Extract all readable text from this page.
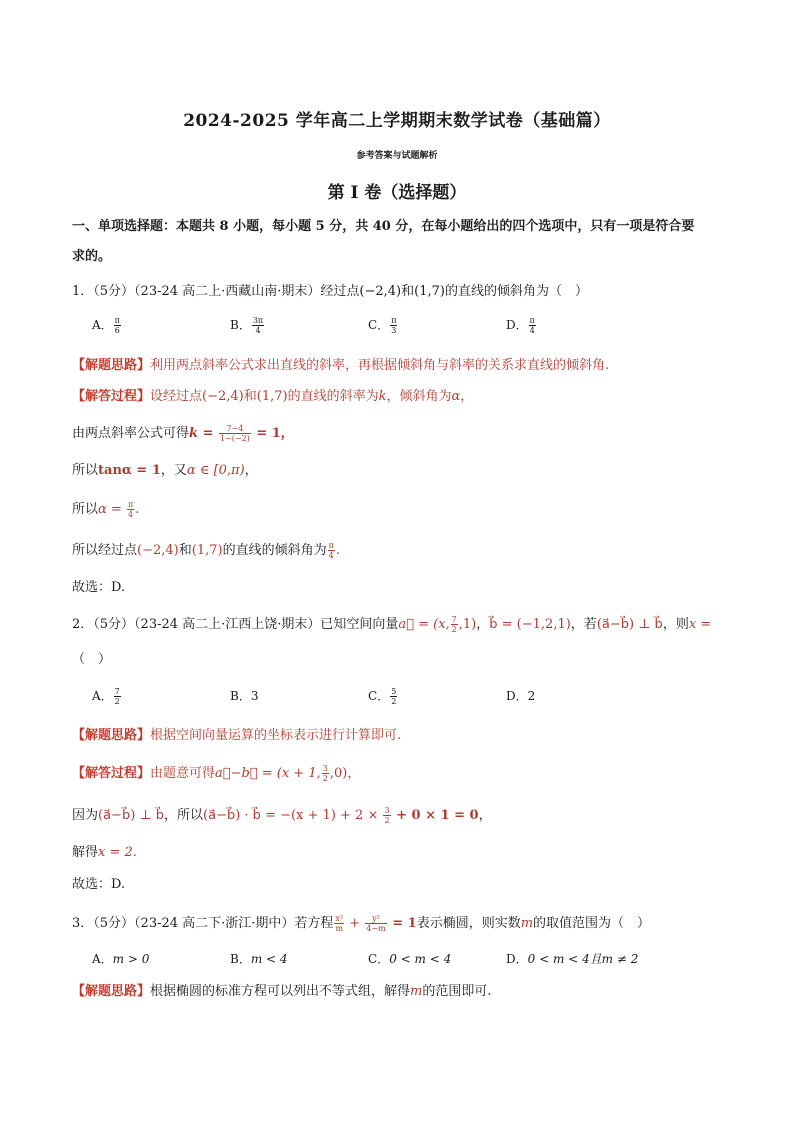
2024-2025 学年高二上学期期末数学试卷（基础篇）
参考答案与试题解析
第 I 卷（选择题）
一、单项选择题：本题共 8 小题，每小题 5 分，共 40 分，在每小题给出的四个选项中，只有一项是符合要
求的。
1．（5分）（23-24 高二上·西藏山南·期末）经过点(−2,4)和(1,7)的直线的倾斜角为（　）
A． $\frac{\pi}{6}$	B． $\frac{3\pi}{4}$	C． $\frac{\pi}{3}$	D． $\frac{\pi}{4}$
【解题思路】利用两点斜率公式求出直线的斜率，再根据倾斜角与斜率的关系求直线的倾斜角.
【解答过程】设经过点(−2,4)和(1,7)的直线的斜率为k，倾斜角为α，
由两点斜率公式可得$k = \frac{7-4}{1-(-2)} = 1$，
所以tanα = 1，又α ∈ [0,π)，
所以$\alpha = \frac{\pi}{4}$ .
所以经过点(−2,4)和(1,7)的直线的倾斜角为 $\frac{\pi}{4}$ .
故选：D.
2．（5分）（23-24 高二上·江西上饶·期末）已知空间向量a⃗ = (x, $\frac{7}{2} ,1$)，b⃗ = (−1,2,1)，若(a⃗−b⃗) ⊥ b⃗，则x =
（　）
A． $\frac{7}{2}$	B．3	C． $\frac{5}{2}$	D．2
【解题思路】根据空间向量运算的坐标表示进行计算即可.
【解答过程】由题意可得a⃗−b⃗ = (x + 1, $\frac{3}{2} ,0$)，
因为(a⃗−b⃗) ⊥ b⃗，所以(a⃗−b⃗) · b⃗ = $-(x + 1) + 2 \times \frac{3}{2} + 0 \times 1 = 0$，
解得x = 2.
故选：D.
3．（5分）（23-24 高二下·浙江·期中）若方程 $\frac{\text{x²}}{m} + \frac{\text{y²}}{4-m} = 1$表示椭圆，则实数m的取值范围为（　）
A．m > 0	B．m < 4	C．0 < m < 4	D．0 < m < 4且m ≠ 2
【解题思路】根据椭圆的标准方程可以列出不等式组，解得m的范围即可.
